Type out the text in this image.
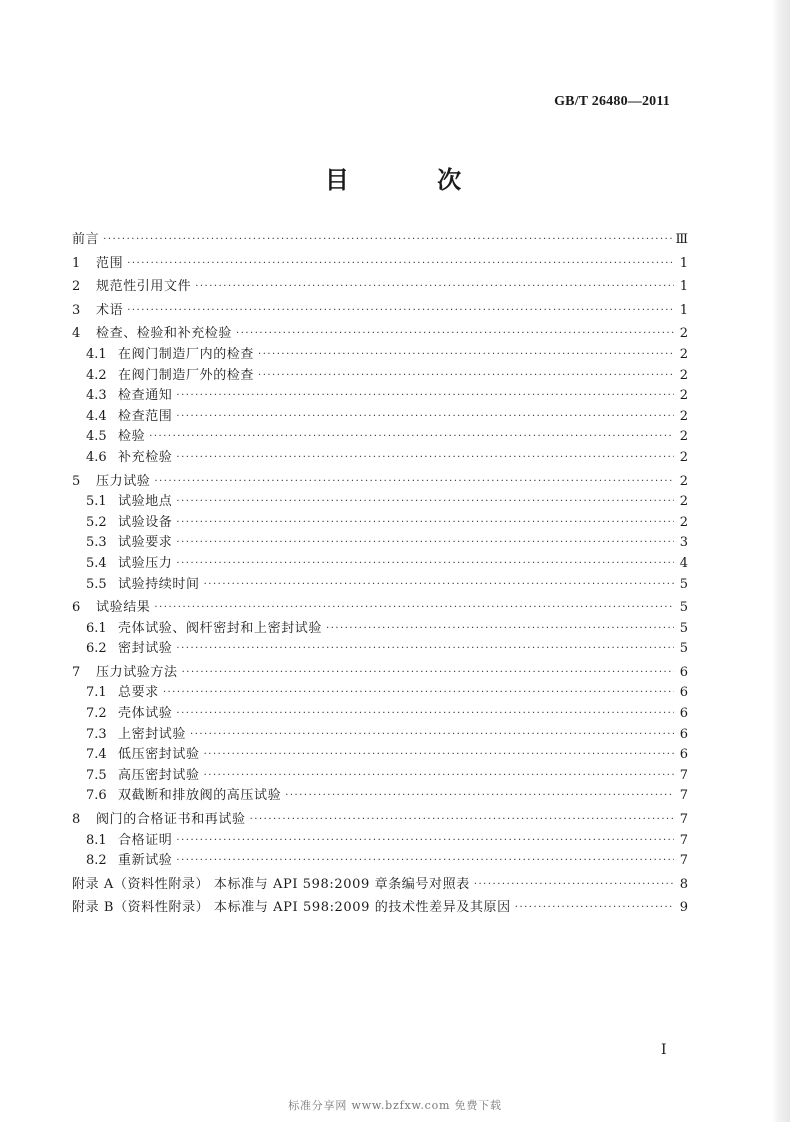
GB/T 26480—2011
目 次
前言 ·····	Ⅲ
1	范围 ·····	1
2	规范性引用文件 ·····	1
3	术语 ·····	1
4	检查、检验和补充检验 ·····	2
4.1 在阀门制造厂内的检查 ·····	2
4.2 在阀门制造厂外的检查 ·····	2
4.3 检查通知 ·····	2
4.4 检查范围 ·····	2
4.5 检验 ·····	2
4.6 补充检验 ·····	2
5	压力试验 ·····	2
5.1 试验地点 ·····	2
5.2 试验设备 ·····	2
5.3 试验要求 ·····	3
5.4 试验压力 ·····	4
5.5 试验持续时间 ·····	5
6	试验结果 ·····	5
6.1 壳体试验、阀杆密封和上密封试验 ·····	5
6.2 密封试验 ·····	5
7	压力试验方法 ·····	6
7.1 总要求 ·····	6
7.2 壳体试验 ·····	6
7.3 上密封试验 ·····	6
7.4 低压密封试验 ·····	6
7.5 高压密封试验 ·····	7
7.6 双截断和排放阀的高压试验 ·····	7
8	阀门的合格证书和再试验 ·····	7
8.1 合格证明 ·····	7
8.2 重新试验 ·····	7
附录 A（资料性附录） 本标准与 API 598:2009 章条编号对照表 ·····	8
附录 B（资料性附录） 本标准与 API 598:2009 的技术性差异及其原因 ·····	9
I
标准分享网 www.bzfxw.com 免费下载
